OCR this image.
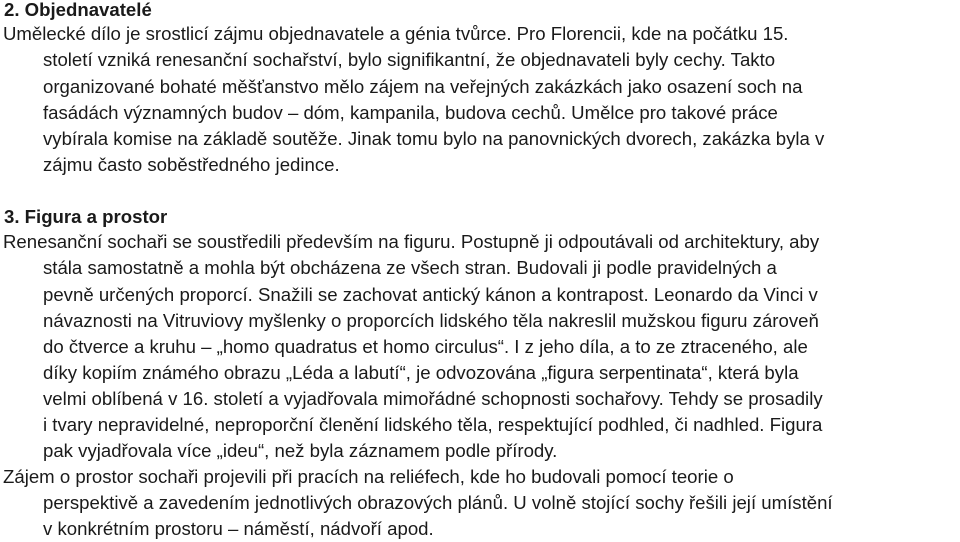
2. Objednavatelé
Umělecké dílo je srostlicí zájmu objednavatele a génia tvůrce. Pro Florencii, kde na počátku 15.
století vzniká renesanční sochařství, bylo signifikantní, že objednavateli byly cechy. Takto
organizované bohaté měšťanstvo mělo zájem na veřejných zakázkách jako osazení soch na
fasádách významných budov – dóm, kampanila, budova cechů. Umělce pro takové práce
vybírala komise na základě soutěže. Jinak tomu bylo na panovnických dvorech, zakázka byla v
zájmu často soběstředného jedince.
3. Figura a prostor
Renesanční sochaři se soustředili především na figuru. Postupně ji odpoutávali od architektury, aby
stála samostatně a mohla být obcházena ze všech stran. Budovali ji podle pravidelných a
pevně určených proporcí. Snažili se zachovat antický kánon a kontrapost. Leonardo da Vinci v
návaznosti na Vitruviovy myšlenky o proporcích lidského těla nakreslil mužskou figuru zároveň
do čtverce a kruhu – „homo quadratus et homo circulus“. I z jeho díla, a to ze ztraceného, ale
díky kopiím známého obrazu „Léda a labutí“, je odvozována „figura serpentinata“, která byla
velmi oblíbená v 16. století a vyjadřovala mimořádné schopnosti sochařovy. Tehdy se prosadily
i tvary nepravidelné, neproporční členění lidského těla, respektující podhled, či nadhled. Figura
pak vyjadřovala více „ideu“, než byla záznamem podle přírody.
Zájem o prostor sochaři projevili při pracích na reliéfech, kde ho budovali pomocí teorie o
perspektivě a zavedením jednotlivých obrazových plánů. U volně stojící sochy řešili její umístění
v konkrétním prostoru – náměstí, nádvoří apod.
